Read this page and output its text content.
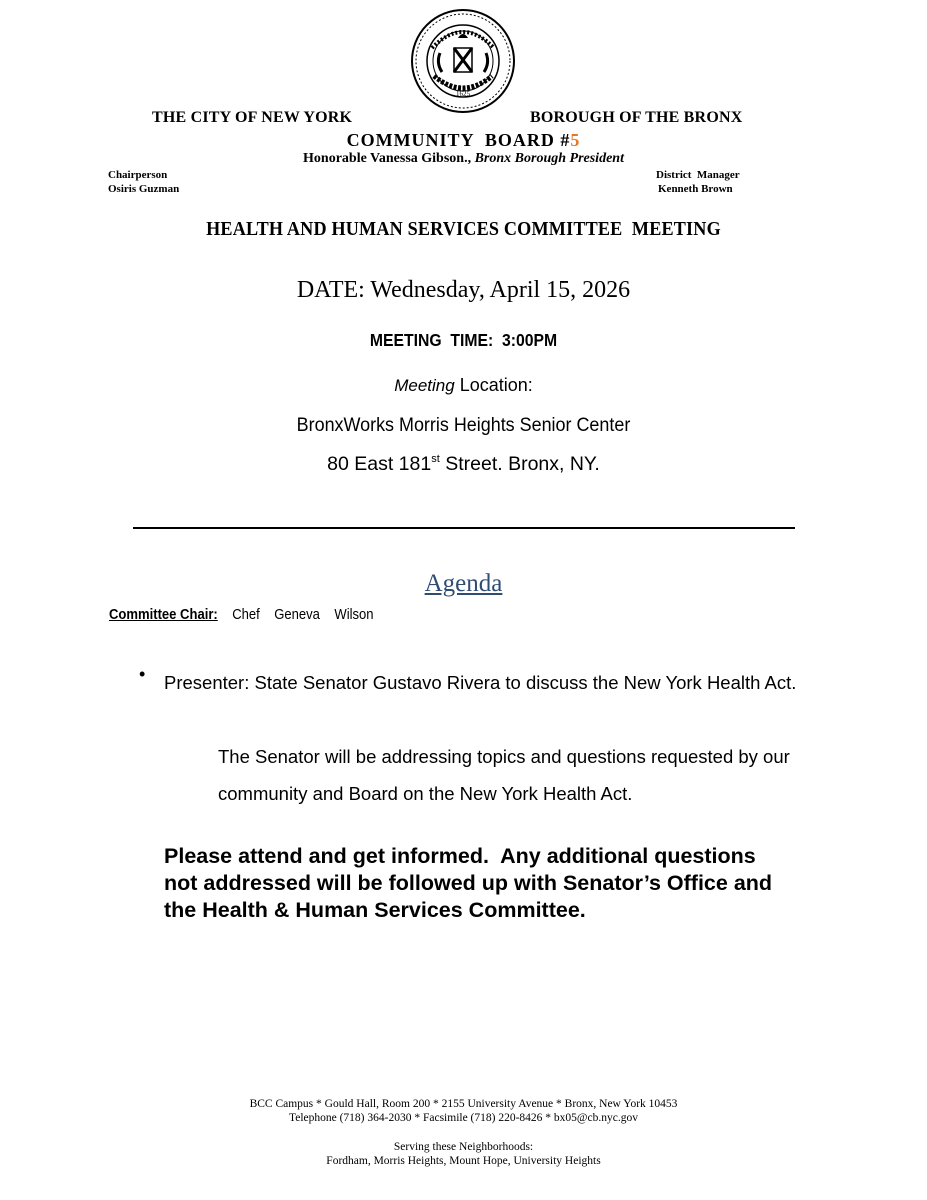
1625
THE CITY OF NEW YORK	BOROUGH OF THE BRONX
COMMUNITY  BOARD #5
Honorable Vanessa Gibson., Bronx Borough President
Chairperson
Osiris Guzman
District  Manager
Kenneth Brown
HEALTH AND HUMAN SERVICES COMMITTEE  MEETING
DATE: Wednesday, April 15, 2026
MEETING  TIME:  3:00PM
Meeting Location:
BronxWorks Morris Heights Senior Center
80 East 181st Street. Bronx, NY.
Agenda
Committee Chair: Chef  Geneva  Wilson
• Presenter: State Senator Gustavo Rivera to discuss the New York Health Act.
The Senator will be addressing topics and questions requested by our community and Board on the New York Health Act.
Please attend and get informed.  Any additional questions not addressed will be followed up with Senator’s Office and the Health & Human Services Committee.
BCC Campus * Gould Hall, Room 200 * 2155 University Avenue * Bronx, New York 10453
Telephone (718) 364-2030 * Facsimile (718) 220-8426 * bx05@cb.nyc.gov
Serving these Neighborhoods:
Fordham, Morris Heights, Mount Hope, University Heights
